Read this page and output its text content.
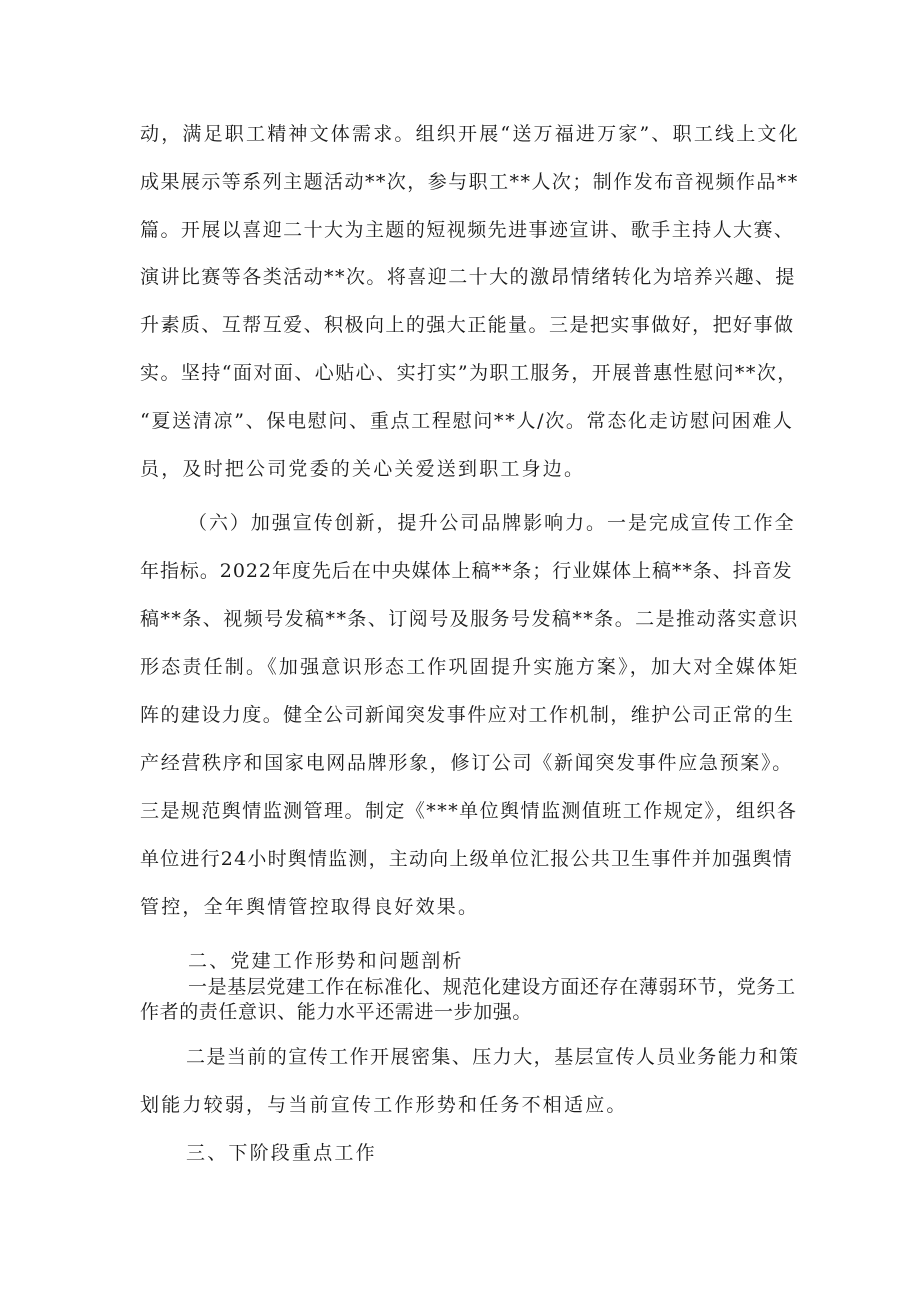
动，满足职工精神文体需求。组织开展“送万福进万家”、职工线上文化
成果展示等系列主题活动**次，参与职工**人次；制作发布音视频作品**
篇。开展以喜迎二十大为主题的短视频先进事迹宣讲、歌手主持人大赛、
演讲比赛等各类活动**次。将喜迎二十大的激昂情绪转化为培养兴趣、提
升素质、互帮互爱、积极向上的强大正能量。三是把实事做好，把好事做
实。坚持“面对面、心贴心、实打实”为职工服务，开展普惠性慰问**次，
“夏送清凉”、保电慰问、重点工程慰问**人/次。常态化走访慰问困难人
员，及时把公司党委的关心关爱送到职工身边。
（六）加强宣传创新，提升公司品牌影响力。一是完成宣传工作全
年指标。2022年度先后在中央媒体上稿**条；行业媒体上稿**条、抖音发
稿**条、视频号发稿**条、订阅号及服务号发稿**条。二是推动落实意识
形态责任制。《加强意识形态工作巩固提升实施方案》，加大对全媒体矩
阵的建设力度。健全公司新闻突发事件应对工作机制，维护公司正常的生
产经营秩序和国家电网品牌形象，修订公司《新闻突发事件应急预案》。
三是规范舆情监测管理。制定《***单位舆情监测值班工作规定》，组织各
单位进行24小时舆情监测，主动向上级单位汇报公共卫生事件并加强舆情
管控，全年舆情管控取得良好效果。
二、党建工作形势和问题剖析
一是基层党建工作在标准化、规范化建设方面还存在薄弱环节，党务工
作者的责任意识、能力水平还需进一步加强。
二是当前的宣传工作开展密集、压力大，基层宣传人员业务能力和策
划能力较弱，与当前宣传工作形势和任务不相适应。
三、下阶段重点工作
